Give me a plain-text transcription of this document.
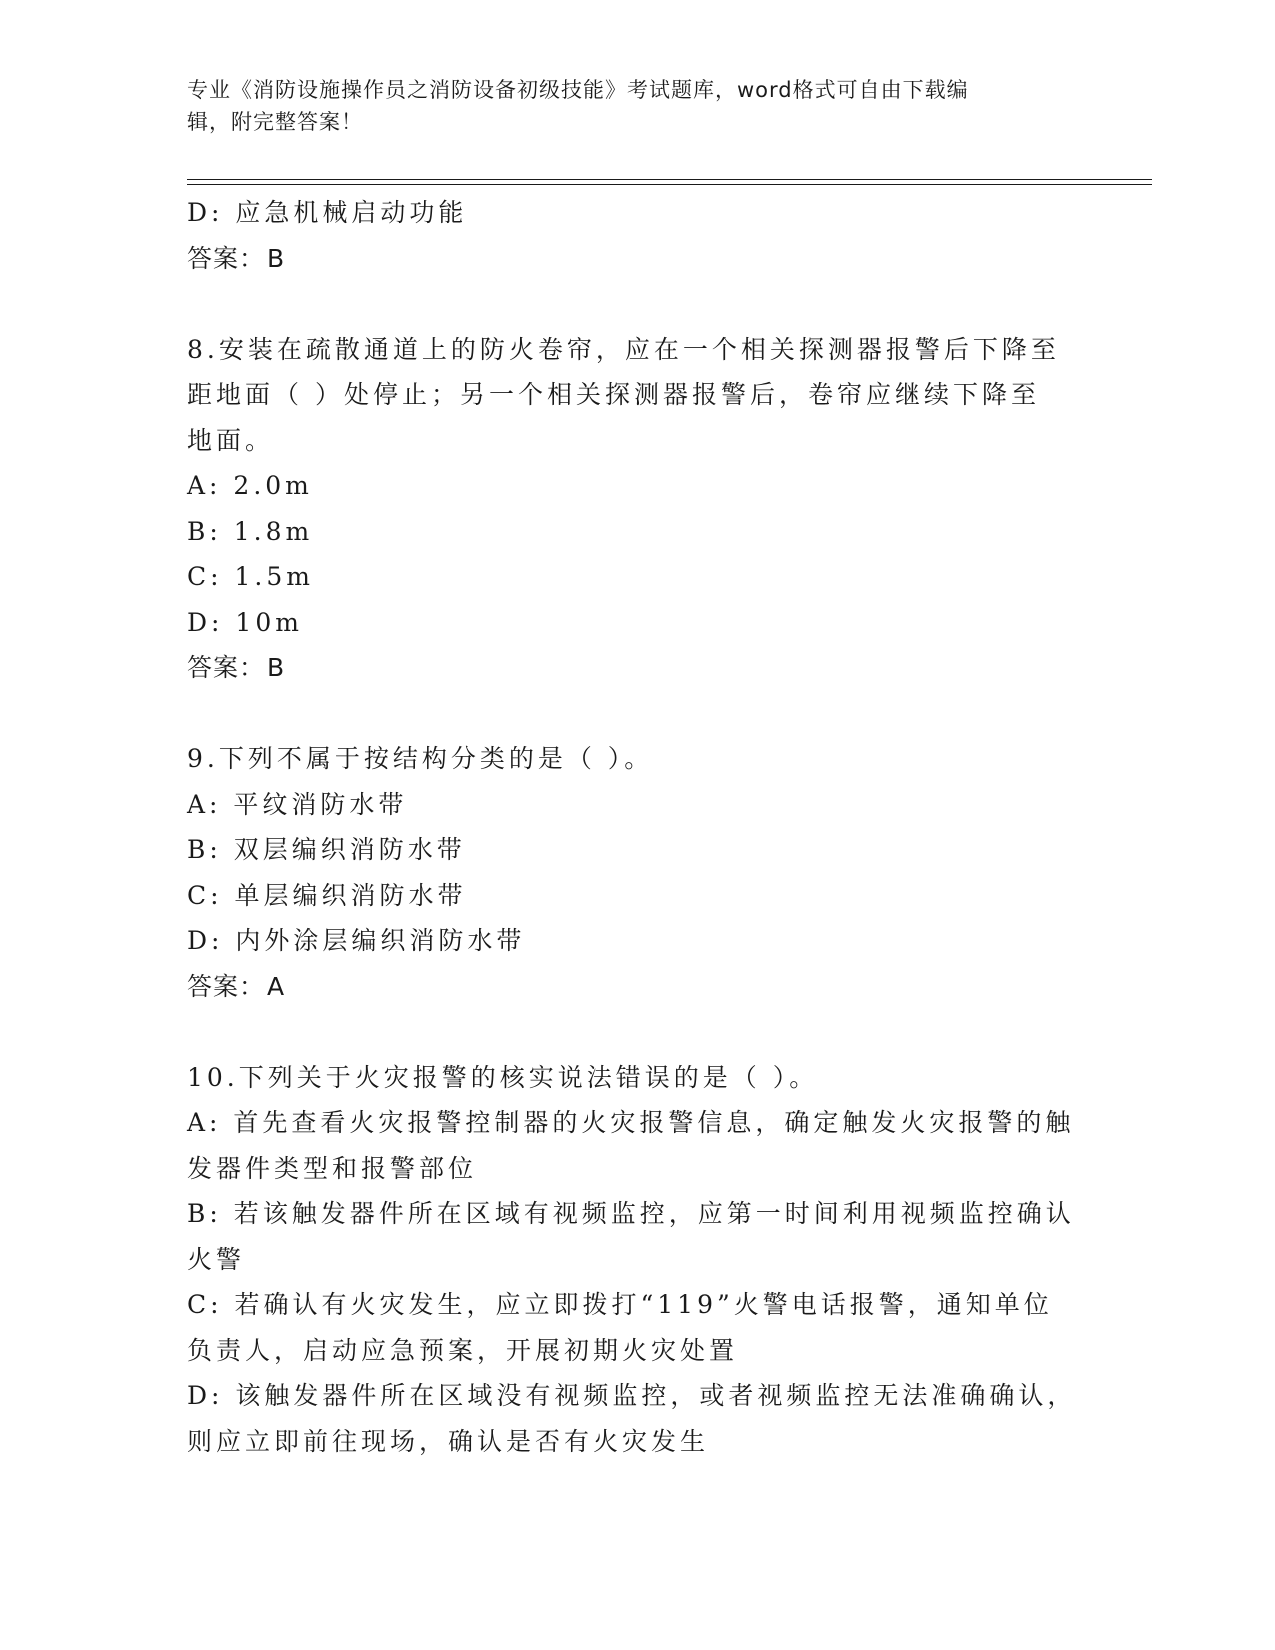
专业《消防设施操作员之消防设备初级技能》考试题库，word格式可自由下载编
辑，附完整答案！

D: 应急机械启动功能

答案：B

8.安装在疏散通道上的防火卷帘，应在一个相关探测器报警后下降至

距地面（ ）处停止；另一个相关探测器报警后，卷帘应继续下降至

地面。

A: 2.0m

B: 1.8m

C: 1.5m

D: 10m

答案：B

9.下列不属于按结构分类的是（ ）。

A: 平纹消防水带

B: 双层编织消防水带

C: 单层编织消防水带

D: 内外涂层编织消防水带

答案：A

10.下列关于火灾报警的核实说法错误的是（ ）。

A: 首先查看火灾报警控制器的火灾报警信息，确定触发火灾报警的触

发器件类型和报警部位

B: 若该触发器件所在区域有视频监控，应第一时间利用视频监控确认

火警

C: 若确认有火灾发生，应立即拨打“119”火警电话报警，通知单位

负责人，启动应急预案，开展初期火灾处置

D: 该触发器件所在区域没有视频监控，或者视频监控无法准确确认，

则应立即前往现场，确认是否有火灾发生
